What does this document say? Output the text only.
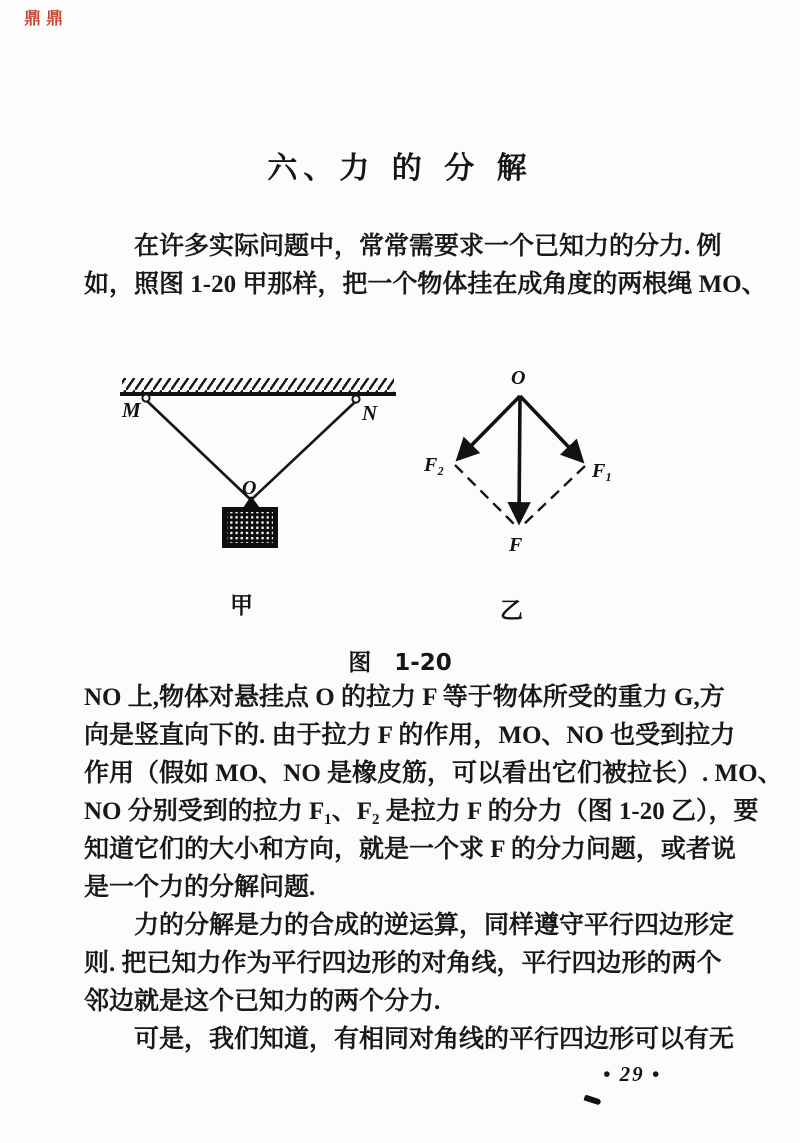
鼎鼎
六、力 的 分 解
在许多实际问题中，常常需要求一个已知力的分力. 例
如，照图 1-20 甲那样，把一个物体挂在成角度的两根绳 MO、
M	N
O
甲
O
F₂	F₁
F
乙
图　1-20
NO 上,物体对悬挂点 O 的拉力 F 等于物体所受的重力 G,方
向是竖直向下的. 由于拉力 F 的作用，MO、NO 也受到拉力
作用（假如 MO、NO 是橡皮筋，可以看出它们被拉长）. MO、
NO 分别受到的拉力 F₁、F₂ 是拉力 F 的分力（图 1-20 乙），要
知道它们的大小和方向，就是一个求 F 的分力问题，或者说
是一个力的分解问题.
力的分解是力的合成的逆运算，同样遵守平行四边形定
则. 把已知力作为平行四边形的对角线，平行四边形的两个
邻边就是这个已知力的两个分力.
可是，我们知道，有相同对角线的平行四边形可以有无
• 29 •
